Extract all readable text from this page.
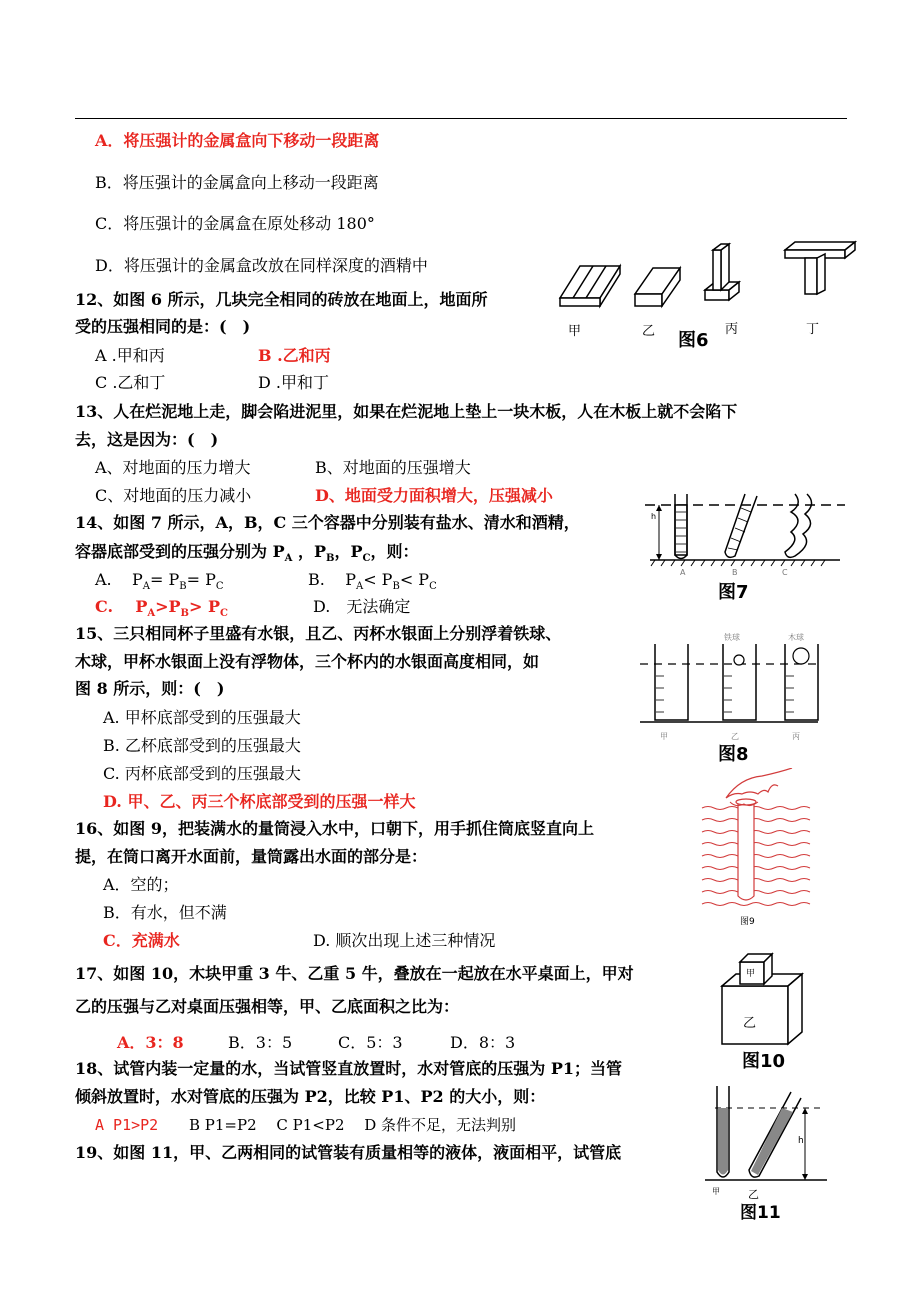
A．将压强计的金属盒向下移动一段距离
B．将压强计的金属盒向上移动一段距离
C．将压强计的金属盒在原处移动 180°
D．将压强计的金属盒改放在同样深度的酒精中
12、如图 6 所示，几块完全相同的砖放在地面上，地面所
受的压强相同的是：(　)
A .甲和丙	B .乙和丙
C .乙和丁	D .甲和丁
甲	乙	丙	丁
图6
13、人在烂泥地上走，脚会陷进泥里，如果在烂泥地上垫上一块木板，人在木板上就不会陷下
去，这是因为：(　)
A、对地面的压力增大	B、对地面的压强增大
C、对地面的压力减小	D、地面受力面积增大，压强减小
14、如图 7 所示，A，B，C 三个容器中分别装有盐水、清水和酒精，
容器底部受到的压强分别为 $P_A$ ，$P_B$，$P_C$，则：
A.    $P_A= P_B= P_C$	B.    $P_A< P_B< P_C$
C.    $P_A>P_B> P_C$	D.　无法确定
h
A	B	C
图7
15、三只相同杯子里盛有水银，且乙、丙杯水银面上分别浮着铁球、
木球，甲杯水银面上没有浮物体，三个杯内的水银面高度相同，如
图 8 所示，则：(　)
A. 甲杯底部受到的压强最大
B. 乙杯底部受到的压强最大
C. 丙杯底部受到的压强最大
D. 甲、乙、丙三个杯底部受到的压强一样大
铁球	木球
甲	乙	丙
图8
16、如图 9，把装满水的量筒浸入水中，口朝下，用手抓住筒底竖直向上
提，在筒口离开水面前，量筒露出水面的部分是：
A．空的；
B．有水，但不满
C．充满水	D. 顺次出现上述三种情况
图9
17、如图 10，木块甲重 3 牛、乙重 5 牛，叠放在一起放在水平桌面上，甲对
乙的压强与乙对桌面压强相等，甲、乙底面积之比为：
A．3：8	B．3：5	C．5：3	D．8：3
甲
乙
图10
18、试管内装一定量的水，当试管竖直放置时，水对管底的压强为 P1；当管
倾斜放置时，水对管底的压强为 P2，比较 P1、P2 的大小，则：
A P1>P2 B P1=P2　 C P1<P2　 D 条件不足，无法判别
19、如图 11，甲、乙两相同的试管装有质量相等的液体，液面相平，试管底
h
甲	乙
图11
